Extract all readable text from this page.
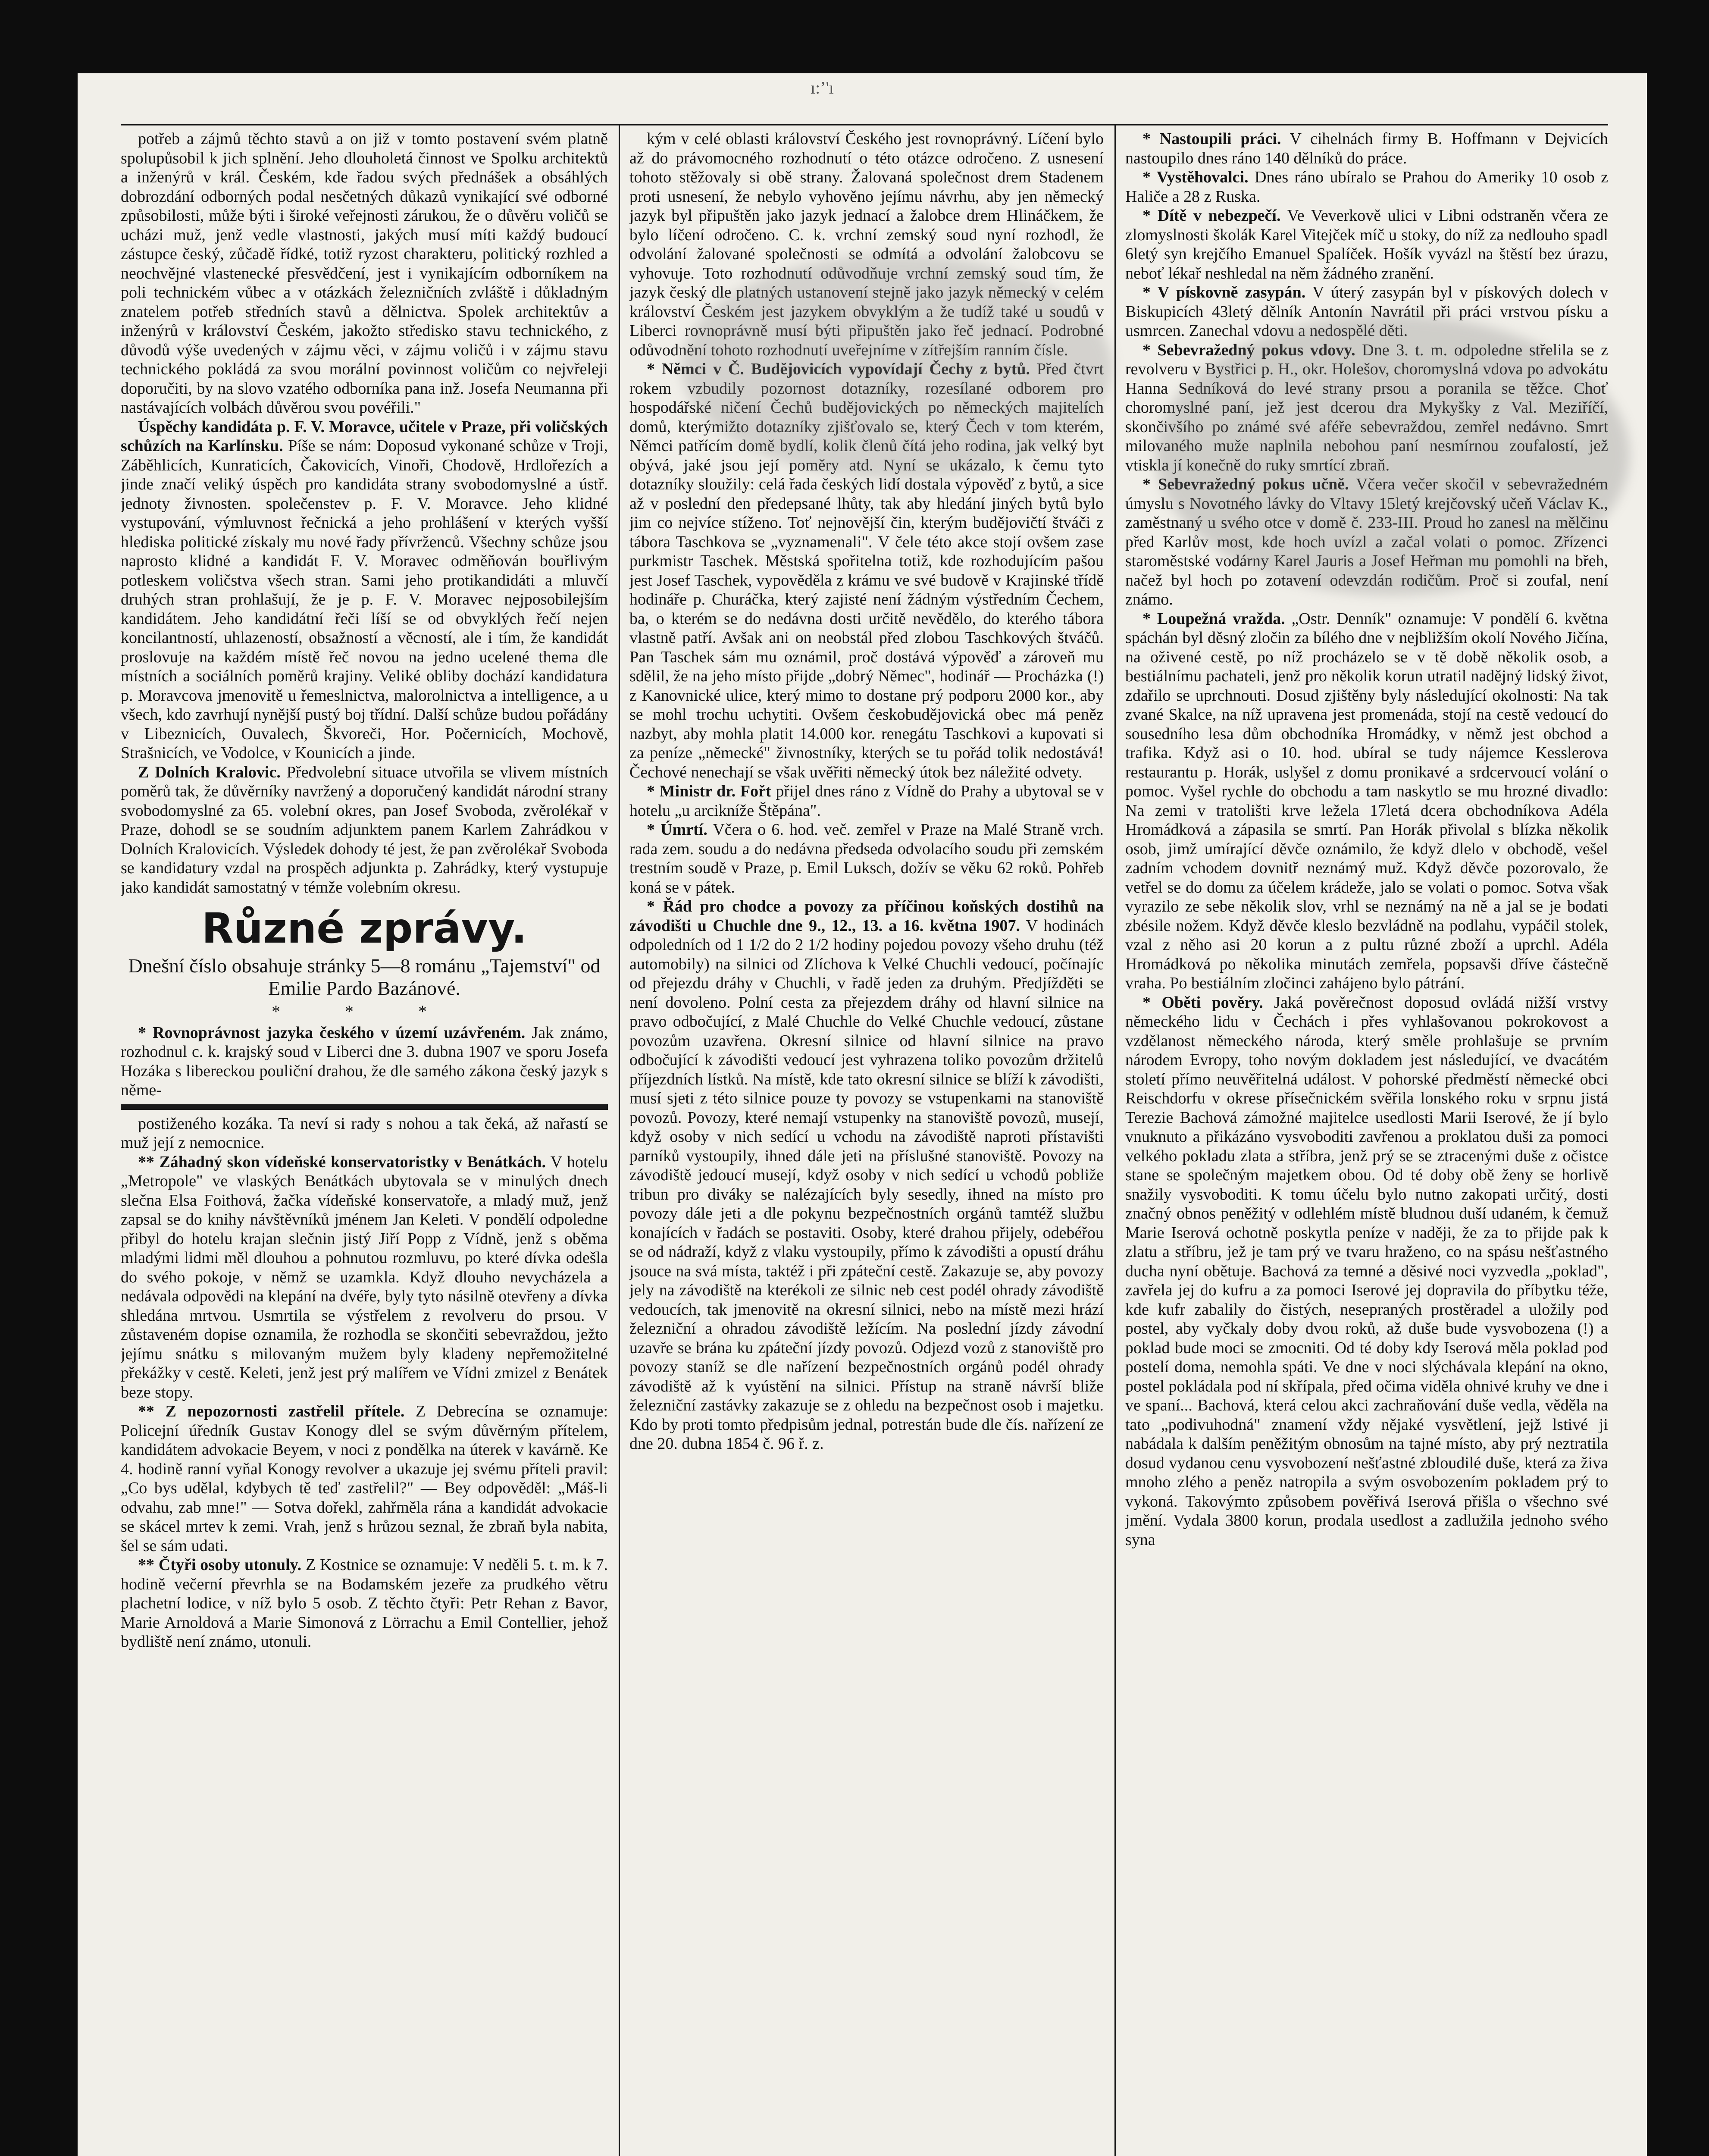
ı:ʼ'ı

potřeb a zájmů těchto stavů a on již v tomto postavení svém platně spolupůsobil k jich splnění. Jeho dlouholetá činnost ve Spolku architektů a inženýrů v král. Českém, kde řadou svých přednášek a obsáhlých dobrozdání odborných podal nesčetných důkazů vynikající své odborné způsobilosti, může býti i široké veřejnosti zárukou, že o důvěru voličů se ucházi muž, jenž vedle vlastnosti, jakých musí míti každý budoucí zástupce český, zůčadě řídké, totiž ryzost charakteru, politický rozhled a neochvějné vlastenecké přesvědčení, jest i vynikajícím odborníkem na poli technickém vůbec a v otázkách železničních zvláště i důkladným znatelem potřeb středních stavů a dělnictva. Spolek architektův a inženýrů v království Českém, jakožto středisko stavu technického, z důvodů výše uvedených v zájmu věci, v zájmu voličů i v zájmu stavu technického pokládá za svou morální povinnost voličům co nejvřeleji doporučiti, by na slovo vzatého odborníka pana inž. Josefa Neumanna při nastávajících volbách důvěrou svou povéřili."

Úspěchy kandidáta p. F. V. Moravce, učitele v Praze, při voličských schůzích na Karlínsku. Píše se nám: Doposud vykonané schůze v Troji, Záběhlicích, Kunraticích, Čakovicích, Vinoři, Chodově, Hrdlořezích a jinde značí veliký úspěch pro kandidáta strany svobodomyslné a ústř. jednoty živnosten. společenstev p. F. V. Moravce. Jeho klidné vystupování, výmluvnost řečnická a jeho prohlášení v kterých vyšší hlediska politické získaly mu nové řady přívrženců. Všechny schůze jsou naprosto klidné a kandidát F. V. Moravec odměňován bouřlivým potleskem voličstva všech stran. Sami jeho protikandidáti a mluvčí druhých stran prohlašují, že je p. F. V. Moravec nejposobilejším kandidátem. Jeho kandidátní řeči líší se od obvyklých řečí nejen koncilantností, uhlazeností, obsažností a věcností, ale i tím, že kandidát proslovuje na každém místě řeč novou na jedno ucelené thema dle místních a sociálních poměrů krajiny. Veliké obliby dochází kandidatura p. Moravcova jmenovitě u řemeslnictva, malorolnictva a intelligence, a u všech, kdo zavrhují nynější pustý boj třídní. Další schůze budou pořádány v Libeznicích, Ouvalech, Škvoreči, Hor. Počernicích, Mochově, Strašnicích, ve Vodolce, v Kounicích a jinde.

Z Dolních Kralovic. Předvolební situace utvořila se vlivem místních poměrů tak, že důvěrníky navržený a doporučený kandidát národní strany svobodomyslné za 65. volební okres, pan Josef Svoboda, zvěrolékař v Praze, dohodl se se soudním adjunktem panem Karlem Zahrádkou v Dolních Kralovicích. Výsledek dohody té jest, že pan zvěrolékař Svoboda se kandidatury vzdal na prospěch adjunkta p. Zahrádky, který vystupuje jako kandidát samostatný v témže volebním okresu.

Různé zprávy.
Dnešní číslo obsahuje stránky 5—8 románu „Tajemství" od Emilie Pardo Bazánové.
* * *

* Rovnoprávnost jazyka českého v území uzávřeném. Jak známo, rozhodnul c. k. krajský soud v Liberci dne 3. dubna 1907 ve sporu Josefa Hozáka s libereckou pouliční drahou, že dle samého zákona český jazyk s něme-

postiženého kozáka. Ta neví si rady s nohou a tak čeká, až nařastí se muž její z nemocnice.

** Záhadný skon vídeňské konservatoristky v Benátkách. V hotelu „Metropole" ve vlaských Benátkách ubytovala se v minulých dnech slečna Elsa Foithová, žačka vídeňské konservatoře, a mladý muž, jenž zapsal se do knihy návštěvníků jménem Jan Keleti. V pondělí odpoledne přibyl do hotelu krajan slečnin jistý Jiří Popp z Vídně, jenž s oběma mladými lidmi měl dlouhou a pohnutou rozmluvu, po které dívka odešla do svého pokoje, v němž se uzamkla. Když dlouho nevycházela a nedávala odpovědi na klepání na dvéře, byly tyto násilně otevřeny a dívka shledána mrtvou. Usmrtila se výstřelem z revolveru do prsou. V zůstaveném dopise oznamila, že rozhodla se skončiti sebevraždou, ježto jejímu snátku s milovaným mužem byly kladeny nepřemožitelné překážky v cestě. Keleti, jenž jest prý malířem ve Vídni zmizel z Benátek beze stopy.

** Z nepozornosti zastřelil přítele. Z Debrecína se oznamuje: Policejní úředník Gustav Konogy dlel se svým důvěrným přítelem, kandidátem advokacie Beyem, v noci z pondělka na úterek v kavárně. Ke 4. hodině ranní vyňal Konogy revolver a ukazuje jej svému příteli pravil: „Co bys udělal, kdybych tě teď zastřelil?" — Bey odpověděl: „Máš-li odvahu, zab mne!" — Sotva dořekl, zahřměla rána a kandidát advokacie se skácel mrtev k zemi. Vrah, jenž s hrůzou seznal, že zbraň byla nabita, šel se sám udati.

** Čtyři osoby utonuly. Z Kostnice se oznamuje: V neděli 5. t. m. k 7. hodině večerní převrhla se na Bodamském jezeře za prudkého větru plachetní lodice, v níž bylo 5 osob. Z těchto čtyři: Petr Rehan z Bavor, Marie Arnoldová a Marie Simonová z Lörrachu a Emil Contellier, jehož bydliště není známo, utonuli.

kým v celé oblasti království Českého jest rovnoprávný. Líčení bylo až do právomocného rozhodnutí o této otázce odročeno. Z usnesení tohoto stěžovaly si obě strany. Žalovaná společnost drem Stadenem proti usnesení, že nebylo vyhověno jejímu návrhu, aby jen německý jazyk byl připuštěn jako jazyk jednací a žalobce drem Hlináčkem, že bylo líčení odročeno. C. k. vrchní zemský soud nyní rozhodl, že odvolání žalované společnosti se odmítá a odvolání žalobcovu se vyhovuje. Toto rozhodnutí odůvodňuje vrchní zemský soud tím, že jazyk český dle platných ustanovení stejně jako jazyk německý v celém království Českém jest jazykem obvyklým a že tudíž také u soudů v Liberci rovnoprávně musí býti připuštěn jako řeč jednací. Podrobné odůvodnění tohoto rozhodnutí uveřejníme v zítřejším ranním čísle.

* Němci v Č. Budějovicích vypovídají Čechy z bytů. Před čtvrt rokem vzbudily pozornost dotazníky, rozesílané odborem pro hospodářské ničení Čechů budějovických po německých majitelích domů, kterýmižto dotazníky zjišťovalo se, který Čech v tom kterém, Němci patřícím domě bydlí, kolik členů čítá jeho rodina, jak velký byt obývá, jaké jsou její poměry atd. Nyní se ukázalo, k čemu tyto dotazníky sloužily: celá řada českých lidí dostala výpověď z bytů, a sice až v poslední den předepsané lhůty, tak aby hledání jiných bytů bylo jim co nejvíce stíženo. Toť nejnovější čin, kterým budějovičtí štváči z tábora Taschkova se „vyznamenali". V čele této akce stojí ovšem zase purkmistr Taschek. Městská spořitelna totiž, kde rozhodujícím pašou jest Josef Taschek, vypověděla z krámu ve své budově v Krajinské třídě hodináře p. Churáčka, který zajisté není žádným výstředním Čechem, ba, o kterém se do nedávna dosti určitě nevědělo, do kterého tábora vlastně patří. Avšak ani on neobstál před zlobou Taschkových štváčů. Pan Taschek sám mu oznámil, proč dostává výpověď a zároveň mu sdělil, že na jeho místo přijde „dobrý Němec", hodinář — Procházka (!) z Kanovnické ulice, který mimo to dostane prý podporu 2000 kor., aby se mohl trochu uchytiti. Ovšem českobudějovická obec má peněz nazbyt, aby mohla platit 14.000 kor. renegátu Taschkovi a kupovati si za peníze „německé" živnostníky, kterých se tu pořád tolik nedostává! Čechové nenechají se však uvěřiti německý útok bez náležité odvety.

* Ministr dr. Fořt přijel dnes ráno z Vídně do Prahy a ubytoval se v hotelu „u arcikníže Štěpána".

* Úmrtí. Včera o 6. hod. več. zemřel v Praze na Malé Straně vrch. rada zem. soudu a do nedávna předseda odvolacího soudu při zemském trestním soudě v Praze, p. Emil Luksch, dožív se věku 62 roků. Pohřeb koná se v pátek.

* Řád pro chodce a povozy za příčinou koňských dostihů na závodišti u Chuchle dne 9., 12., 13. a 16. května 1907. V hodinách odpoledních od 1 1/2 do 2 1/2 hodiny pojedou povozy všeho druhu (též automobily) na silnici od Zlíchova k Velké Chuchli vedoucí, počínajíc od přejezdu dráhy v Chuchli, v řadě jeden za druhým. Předjížděti se není dovoleno. Polní cesta za přejezdem dráhy od hlavní silnice na pravo odbočující, z Malé Chuchle do Velké Chuchle vedoucí, zůstane povozům uzavřena. Okresní silnice od hlavní silnice na pravo odbočující k závodišti vedoucí jest vyhrazena toliko povozům držitelů příjezdních lístků. Na místě, kde tato okresní silnice se blíží k závodišti, musí sjeti z této silnice pouze ty povozy se vstupenkami na stanoviště povozů. Povozy, které nemají vstupenky na stanoviště povozů, musejí, když osoby v nich sedící u vchodu na závodiště naproti přístavišti parníků vystoupily, ihned dále jeti na příslušné stanoviště. Povozy na závodiště jedoucí musejí, když osoby v nich sedící u vchodů pobliže tribun pro diváky se nalézajících byly sesedly, ihned na místo pro povozy dále jeti a dle pokynu bezpečnostních orgánů tamtéž službu konajících v řadách se postaviti. Osoby, které drahou přijely, odebéřou se od nádraží, když z vlaku vystoupily, přímo k závodišti a opustí dráhu jsouce na svá místa, taktéž i při zpáteční cestě. Zakazuje se, aby povozy jely na závodiště na kterékoli ze silnic neb cest podél ohrady závodiště vedoucích, tak jmenovitě na okresní silnici, nebo na místě mezi hrází železniční a ohradou závodiště ležícím. Na poslední jízdy závodní uzavře se brána ku zpáteční jízdy povozů. Odjezd vozů z stanoviště pro povozy staníž se dle nařízení bezpečnostních orgánů podél ohrady závodiště až k vyústění na silnici. Přístup na straně návrší bliže železniční zastávky zakazuje se z ohledu na bezpečnost osob i majetku. Kdo by proti tomto předpisům jednal, potrestán bude dle čís. nařízení ze dne 20. dubna 1854 č. 96 ř. z.

* Nastoupili práci. V cihelnách firmy B. Hoffmann v Dejvicích nastoupilo dnes ráno 140 dělníků do práce.

* Vystěhovalci. Dnes ráno ubíralo se Prahou do Ameriky 10 osob z Haliče a 28 z Ruska.

* Dítě v nebezpečí. Ve Veverkově ulici v Libni odstraněn včera ze zlomyslnosti školák Karel Vitejček míč u stoky, do níž za nedlouho spadl 6letý syn krejčího Emanuel Spalíček. Hošík vyvázl na štěstí bez úrazu, neboť lékař neshledal na něm žádného zranění.

* V pískovně zasypán. V úterý zasypán byl v pískových dolech v Biskupicích 43letý dělník Antonín Navrátil při práci vrstvou písku a usmrcen. Zanechal vdovu a nedospělé děti.

* Sebevražedný pokus vdovy. Dne 3. t. m. odpoledne střelila se z revolveru v Bystřici p. H., okr. Holešov, choromyslná vdova po advokátu Hanna Sedníková do levé strany prsou a poranila se těžce. Choť choromyslné paní, jež jest dcerou dra Mykyšky z Val. Meziříčí, skončivšího po známé své aféře sebevraždou, zemřel nedávno. Smrt milovaného muže naplnila nebohou paní nesmírnou zoufalostí, jež vtiskla jí konečně do ruky smrtící zbraň.

* Sebevražedný pokus učně. Včera večer skočil v sebevražedném úmyslu s Novotného lávky do Vltavy 15letý krejčovský učeň Václav K., zaměstnaný u svého otce v domě č. 233-III. Proud ho zanesl na mělčinu před Karlův most, kde hoch uvízl a začal volati o pomoc. Zřízenci staroměstské vodárny Karel Jauris a Josef Heřman mu pomohli na břeh, načež byl hoch po zotavení odevzdán rodičům. Proč si zoufal, není známo.

* Loupežná vražda. „Ostr. Denník" oznamuje: V pondělí 6. května spáchán byl děsný zločin za bílého dne v nejbližším okolí Nového Jičína, na oživené cestě, po níž procházelo se v tě době několik osob, a bestiálnímu pachateli, jenž pro několik korun utratil nadějný lidský život, zdařilo se uprchnouti. Dosud zjištěny byly následující okolnosti: Na tak zvané Skalce, na níž upravena jest promenáda, stojí na cestě vedoucí do sousedního lesa dům obchodníka Hromádky, v němž jest obchod a trafika. Když asi o 10. hod. ubíral se tudy nájemce Kesslerova restaurantu p. Horák, uslyšel z domu pronikavé a srdcervoucí volání o pomoc. Vyšel rychle do obchodu a tam naskytlo se mu hrozné divadlo: Na zemi v tratolišti krve ležela 17letá dcera obchodníkova Adéla Hromádková a zápasila se smrtí. Pan Horák přivolal s blízka několik osob, jimž umírající děvče oznámilo, že když dlelo v obchodě, vešel zadním vchodem dovnitř neznámý muž. Když děvče pozorovalo, že vetřel se do domu za účelem krádeže, jalo se volati o pomoc. Sotva však vyrazilo ze sebe několik slov, vrhl se neznámý na ně a jal se je bodati zbésile nožem. Když děvče kleslo bezvládně na podlahu, vypáčil stolek, vzal z něho asi 20 korun a z pultu různé zboží a uprchl. Adéla Hromádková po několika minutách zemřela, popsavši dříve částečně vraha. Po bestiálním zločinci zahájeno bylo pátrání.

* Oběti pověry. Jaká pověrečnost doposud ovládá nižší vrstvy německého lidu v Čechách i přes vyhlašovanou pokrokovost a vzdělanost německého národa, který směle prohlašuje se prvním národem Evropy, toho novým dokladem jest následující, ve dvacátém století přímo neuvěřitelná událost. V pohorské předměstí německé obci Reischdorfu v okrese přísečnickém svěřila lonského roku v srpnu jistá Terezie Bachová zámožné majitelce usedlosti Marii Iserové, že jí bylo vnuknuto a přikázáno vysvoboditi zavřenou a proklatou duši za pomoci velkého pokladu zlata a stříbra, jenž prý se se ztracenými duše z očistce stane se společným majetkem obou. Od té doby obě ženy se horlivě snažily vysvoboditi. K tomu účelu bylo nutno zakopati určitý, dosti značný obnos peněžitý v odlehlém místě bludnou duší udaném, k čemuž Marie Iserová ochotně poskytla peníze v naději, že za to přijde pak k zlatu a stříbru, jež je tam prý ve tvaru hraženo, co na spásu nešťastného ducha nyní obětuje. Bachová za temné a děsivé noci vyzvedla „poklad", zavřela jej do kufru a za pomoci Iserové jej dopravila do příbytku téže, kde kufr zabalily do čistých, nesepraných prostěradel a uložily pod postel, aby vyčkaly doby dvou roků, až duše bude vysvobozena (!) a poklad bude moci se zmocniti. Od té doby kdy Iserová měla poklad pod postelí doma, nemohla spáti. Ve dne v noci slýchávala klepání na okno, postel pokládala pod ní skřípala, před očima viděla ohnivé kruhy ve dne i ve spaní... Bachová, která celou akci zachraňování duše vedla, věděla na tato „podivuhodná" znamení vždy nějaké vysvětlení, jejž lstivé ji nabádala k dalším peněžitým obnosům na tajné místo, aby prý neztratila dosud vydanou cenu vysvobození nešťastné zbloudilé duše, která za živa mnoho zlého a peněz natropila a svým osvobozením pokladem prý to vykoná. Takovýmto způsobem pověřivá Iserová přišla o všechno své jmění. Vydala 3800 korun, prodala usedlost a zadlužila jednoho svého syna
